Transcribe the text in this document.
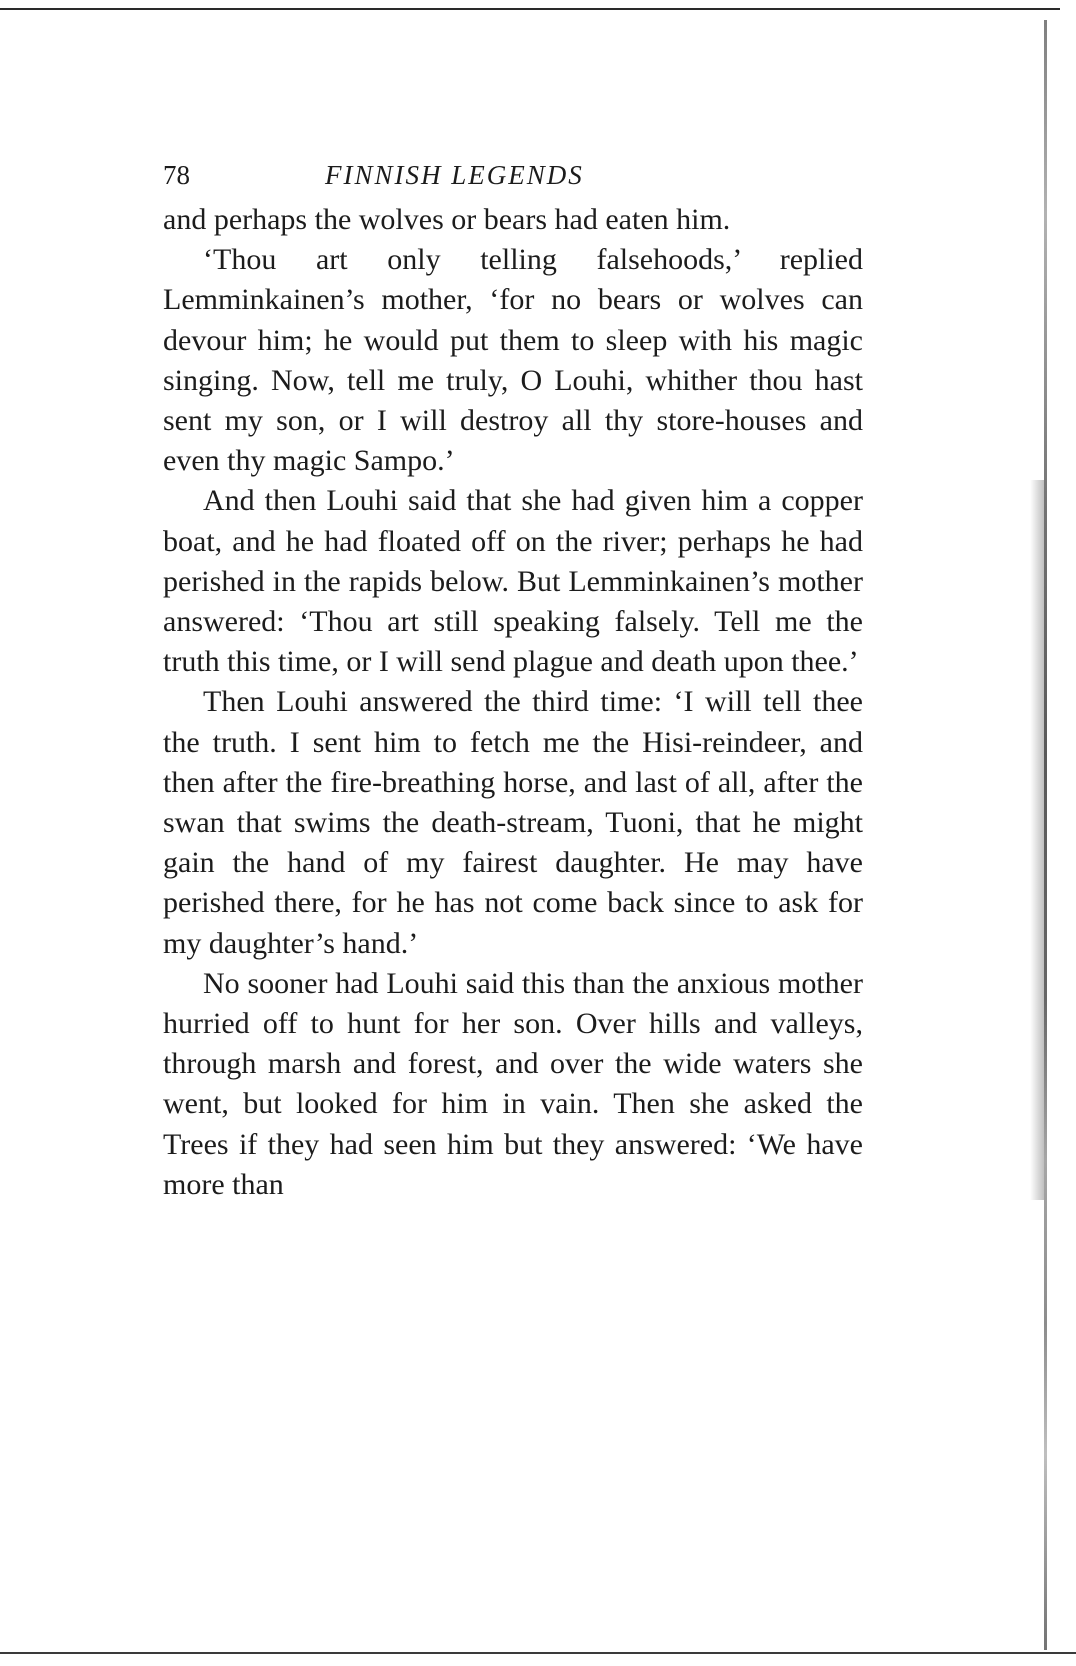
78	FINNISH LEGENDS

and perhaps the wolves or bears had eaten him.

‘Thou art only telling falsehoods,’ replied Lemminkainen’s mother, ‘for no bears or wolves can devour him; he would put them to sleep with his magic singing. Now, tell me truly, O Louhi, whither thou hast sent my son, or I will destroy all thy store-houses and even thy magic Sampo.’

And then Louhi said that she had given him a copper boat, and he had floated off on the river; perhaps he had perished in the rapids below. But Lemminkainen’s mother answered: ‘Thou art still speaking falsely. Tell me the truth this time, or I will send plague and death upon thee.’

Then Louhi answered the third time: ‘I will tell thee the truth. I sent him to fetch me the Hisi-reindeer, and then after the fire-breathing horse, and last of all, after the swan that swims the death-stream, Tuoni, that he might gain the hand of my fairest daughter. He may have perished there, for he has not come back since to ask for my daughter’s hand.’

No sooner had Louhi said this than the anxious mother hurried off to hunt for her son. Over hills and valleys, through marsh and forest, and over the wide waters she went, but looked for him in vain. Then she asked the Trees if they had seen him but they answered: ‘We have more than
